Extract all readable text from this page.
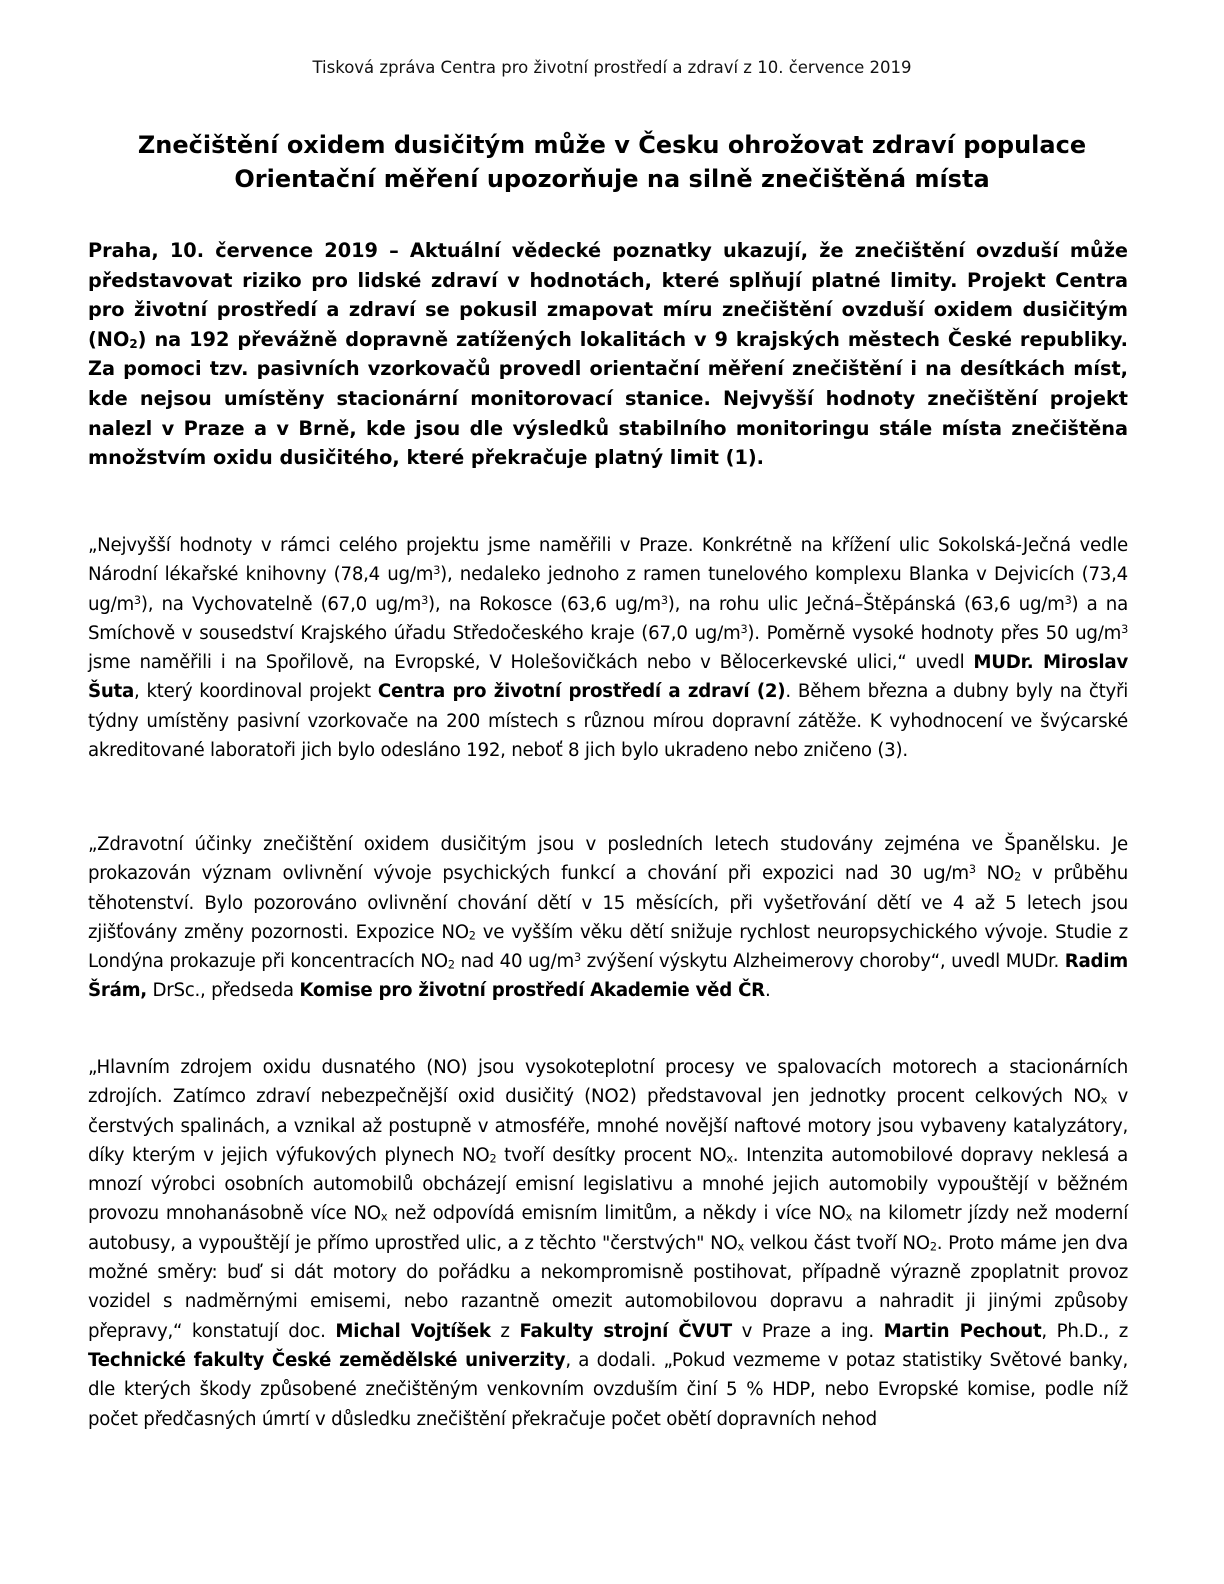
Tisková zpráva Centra pro životní prostředí a zdraví z 10. července 2019
Znečištění oxidem dusičitým může v Česku ohrožovat zdraví populace
Orientační měření upozorňuje na silně znečištěná místa
Praha, 10. července 2019 – Aktuální vědecké poznatky ukazují, že znečištění ovzduší může představovat riziko pro lidské zdraví v hodnotách, které splňují platné limity. Projekt Centra pro životní prostředí a zdraví se pokusil zmapovat míru znečištění ovzduší oxidem dusičitým $(NO_2)$ na 192 převážně dopravně zatížených lokalitách v 9 krajských městech České republiky. Za pomoci tzv. pasivních vzorkovačů provedl orientační měření znečištění i na desítkách míst, kde nejsou umístěny stacionární monitorovací stanice. Nejvyšší hodnoty znečištění projekt nalezl v Praze a v Brně, kde jsou dle výsledků stabilního monitoringu stále místa znečištěna množstvím oxidu dusičitého, které překračuje platný limit (1).
„Nejvyšší hodnoty v rámci celého projektu jsme naměřili v Praze. Konkrétně na křížení ulic Sokolská-Ječná vedle Národní lékařské knihovny (78,4 $ug/m^3$), nedaleko jednoho z ramen tunelového komplexu Blanka v Dejvicích (73,4 $ug/m^3$), na Vychovatelně (67,0 $ug/m^3$), na Rokosce (63,6 $ug/m^3$), na rohu ulic Ječná–Štěpánská (63,6 $ug/m^3$) a na Smíchově v sousedství Krajského úřadu Středočeského kraje (67,0 $ug/m^3$). Poměrně vysoké hodnoty přes 50 $ug/m^3$ jsme naměřili i na Spořilově, na Evropské, V Holešovičkách nebo v Bělocerkevské ulici,“ uvedl MUDr. Miroslav Šuta, který koordinoval projekt Centra pro životní prostředí a zdraví (2). Během března a dubny byly na čtyři týdny umístěny pasivní vzorkovače na 200 místech s různou mírou dopravní zátěže. K vyhodnocení ve švýcarské akreditované laboratoři jich bylo odesláno 192, neboť 8 jich bylo ukradeno nebo zničeno (3).
„Zdravotní účinky znečištění oxidem dusičitým jsou v posledních letech studovány zejména ve Španělsku. Je prokazován význam ovlivnění vývoje psychických funkcí a chování při expozici nad 30 $ug/m^3$ $NO_2$ v průběhu těhotenství. Bylo pozorováno ovlivnění chování dětí v 15 měsících, při vyšetřování dětí ve 4 až 5 letech jsou zjišťovány změny pozornosti. Expozice $NO_2$ ve vyšším věku dětí snižuje rychlost neuropsychického vývoje. Studie z Londýna prokazuje při koncentracích $NO_2$ nad 40 $ug/m^3$ zvýšení výskytu Alzheimerovy choroby“, uvedl MUDr. Radim Šrám, DrSc., předseda Komise pro životní prostředí Akademie věd ČR.
„Hlavním zdrojem oxidu dusnatého (NO) jsou vysokoteplotní procesy ve spalovacích motorech a stacionárních zdrojích. Zatímco zdraví nebezpečnější oxid dusičitý (NO2) představoval jen jednotky procent celkových $NO_x$ v čerstvých spalinách, a vznikal až postupně v atmosféře, mnohé novější naftové motory jsou vybaveny katalyzátory, díky kterým v jejich výfukových plynech $NO_2$ tvoří desítky procent $NO_x$. Intenzita automobilové dopravy neklesá a mnozí výrobci osobních automobilů obcházejí emisní legislativu a mnohé jejich automobily vypouštějí v běžném provozu mnohanásobně více $NO_x$ než odpovídá emisním limitům, a někdy i více $NO_x$ na kilometr jízdy než moderní autobusy, a vypouštějí je přímo uprostřed ulic, a z těchto "čerstvých" $NO_x$ velkou část tvoří $NO_2$. Proto máme jen dva možné směry: buď si dát motory do pořádku a nekompromisně postihovat, případně výrazně zpoplatnit provoz vozidel s nadměrnými emisemi, nebo razantně omezit automobilovou dopravu a nahradit ji jinými způsoby přepravy,“ konstatují doc. Michal Vojtíšek z Fakulty strojní ČVUT v Praze a ing. Martin Pechout, Ph.D., z Technické fakulty České zemědělské univerzity, a dodali. „Pokud vezmeme v potaz statistiky Světové banky, dle kterých škody způsobené znečištěným venkovním ovzduším činí 5 % HDP, nebo Evropské komise, podle níž počet předčasných úmrtí v důsledku znečištění překračuje počet obětí dopravních nehod
